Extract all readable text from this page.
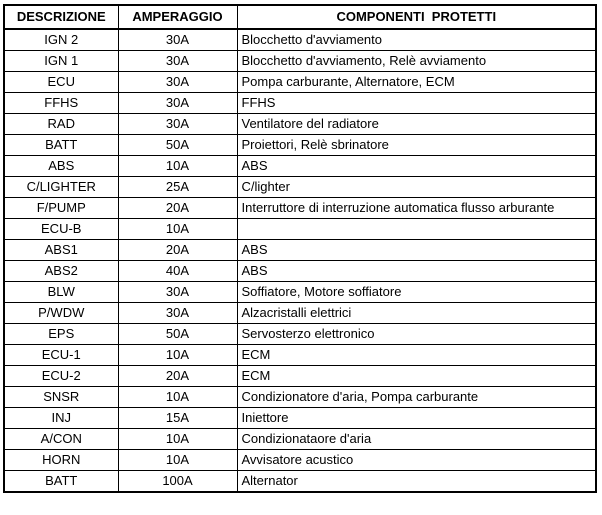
DESCRIZIONE	AMPERAGGIO	COMPONENTI  PROTETTI
IGN 2	30A	Blocchetto d'avviamento
IGN 1	30A	Blocchetto d'avviamento, Relè avviamento
ECU	30A	Pompa carburante, Alternatore, ECM
FFHS	30A	FFHS
RAD	30A	Ventilatore del radiatore
BATT	50A	Proiettori, Relè sbrinatore
ABS	10A	ABS
C/LIGHTER	25A	C/lighter
F/PUMP	20A	Interruttore di interruzione automatica flusso arburante
ECU-B	10A	
ABS1	20A	ABS
ABS2	40A	ABS
BLW	30A	Soffiatore, Motore soffiatore
P/WDW	30A	Alzacristalli elettrici
EPS	50A	Servosterzo elettronico
ECU-1	10A	ECM
ECU-2	20A	ECM
SNSR	10A	Condizionatore d'aria, Pompa carburante
INJ	15A	Iniettore
A/CON	10A	Condizionataore d'aria
HORN	10A	Avvisatore acustico
BATT	100A	Alternator
